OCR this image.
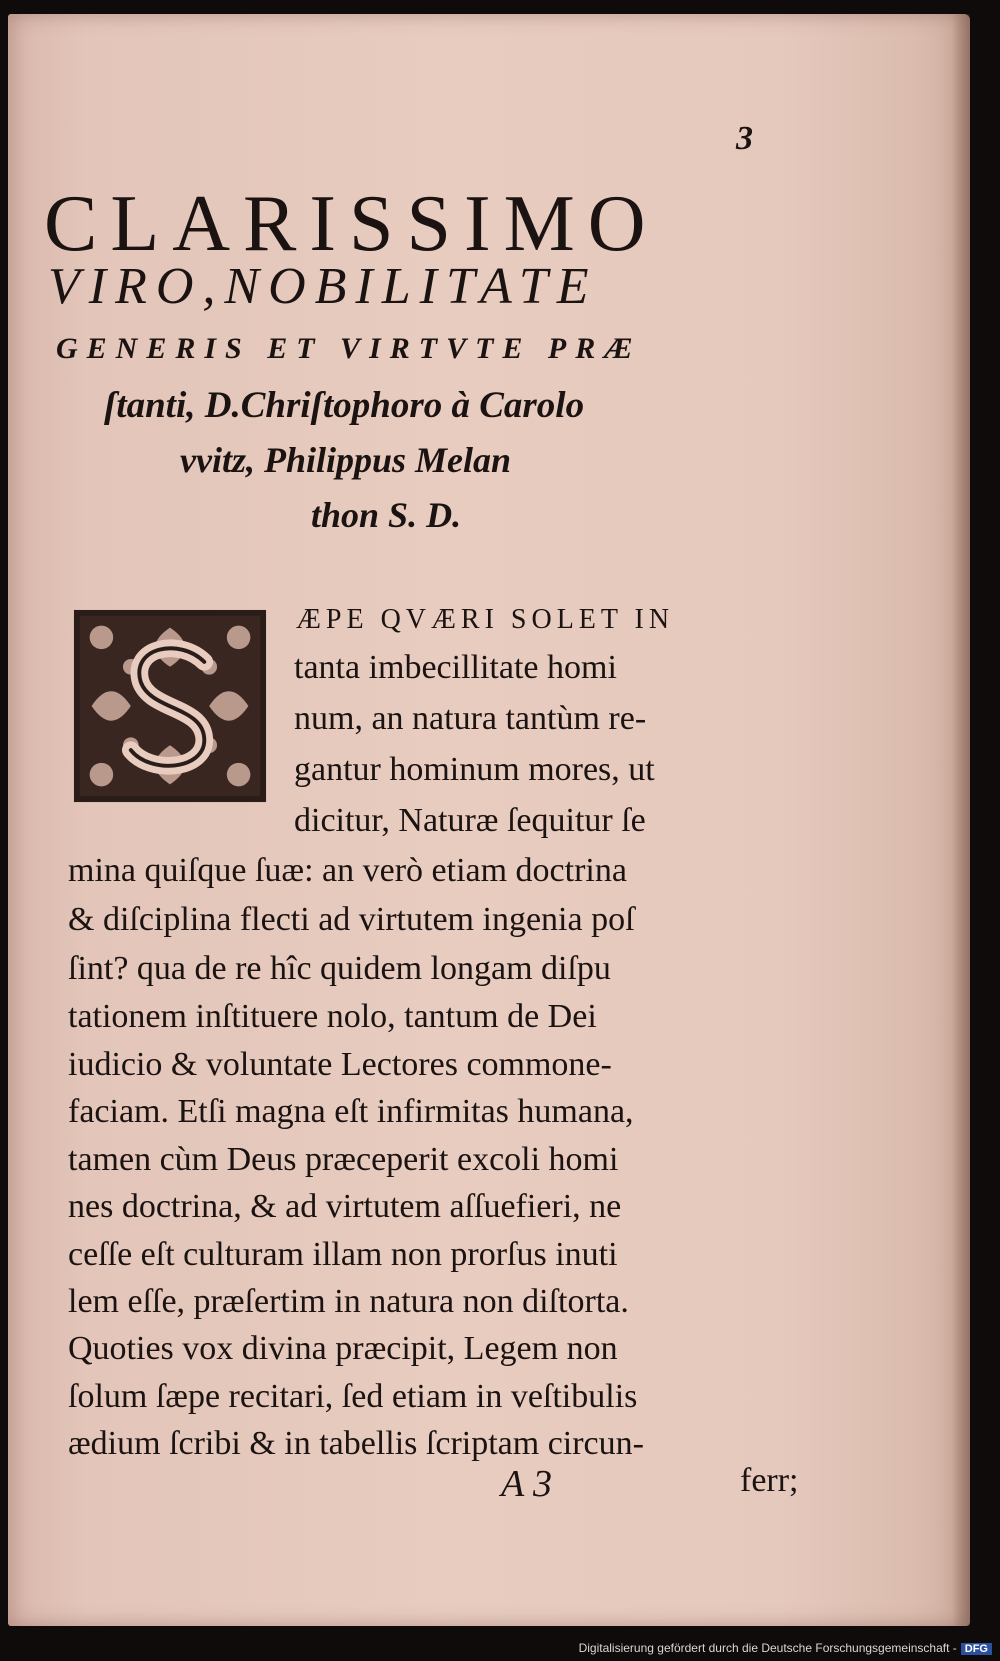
3
CLARISSIMO
VIRO,NOBILITATE
GENERIS ET VIRTVTE PRÆ
ſtanti, D.Chriſtophoro à Carolo
vvitz, Philippus Melan
thon S. D.
ÆPE QVÆRI SOLET IN
tanta imbecillitate homi
num, an natura tantùm re-
gantur hominum mores, ut
dicitur, Naturæ ſequitur ſe
mina quiſque ſuæ: an verò etiam doctrina
& diſciplina flecti ad virtutem ingenia poſ
ſint? qua de re hîc quidem longam diſpu
tationem inſtituere nolo, tantum de Dei
iudicio & voluntate Lectores commone-
faciam. Etſi magna eſt infirmitas humana,
tamen cùm Deus præceperit excoli homi
nes doctrina, & ad virtutem aſſuefieri, ne
ceſſe eſt culturam illam non prorſus inuti
lem eſſe, præſertim in natura non diſtorta.
Quoties vox divina præcipit, Legem non
ſolum ſæpe recitari, ſed etiam in veſtibulis
ædium ſcribi & in tabellis ſcriptam circun-
A 3	ferr;
Digitalisierung gefördert durch die Deutsche Forschungsgemeinschaft - DFG
